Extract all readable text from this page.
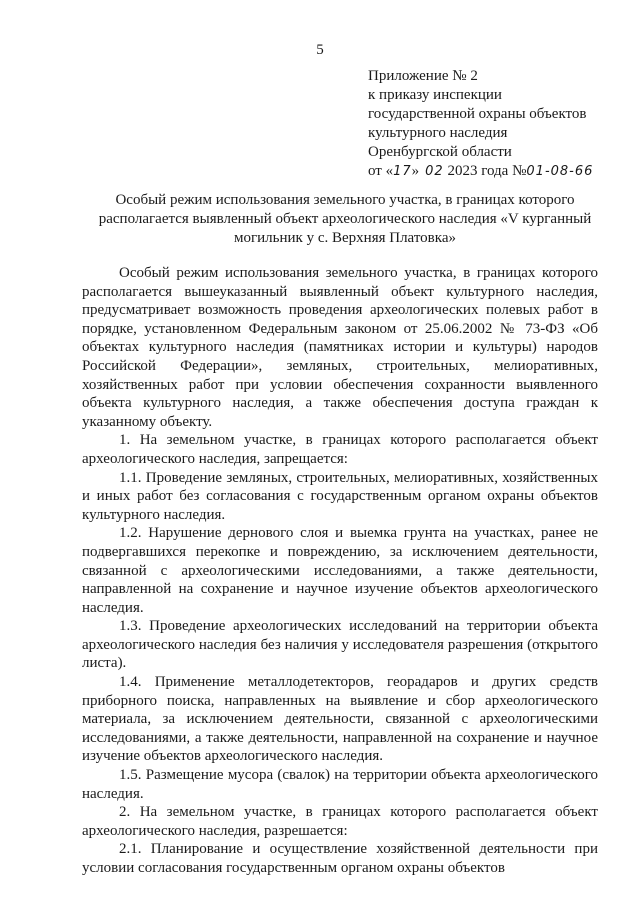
5
Приложение № 2
к приказу инспекции
государственной охраны объектов
культурного наследия
Оренбургской области
от «17»02 2023 года №01-08-66
Особый режим использования земельного участка, в границах которого располагается выявленный объект археологического наследия «V курганный могильник у с. Верхняя Платовка»

Особый режим использования земельного участка, в границах которого располагается вышеуказанный выявленный объект культурного наследия, предусматривает возможность проведения археологических полевых работ в порядке, установленном Федеральным законом от 25.06.2002 № 73-ФЗ «Об объектах культурного наследия (памятниках истории и культуры) народов Российской Федерации», земляных, строительных, мелиоративных, хозяйственных работ при условии обеспечения сохранности выявленного объекта культурного наследия, а также обеспечения доступа граждан к указанному объекту.

1. На земельном участке, в границах которого располагается объект археологического наследия, запрещается:

1.1. Проведение земляных, строительных, мелиоративных, хозяйственных и иных работ без согласования с государственным органом охраны объектов культурного наследия.

1.2. Нарушение дернового слоя и выемка грунта на участках, ранее не подвергавшихся перекопке и повреждению, за исключением деятельности, связанной с археологическими исследованиями, а также деятельности, направленной на сохранение и научное изучение объектов археологического наследия.

1.3. Проведение археологических исследований на территории объекта археологического наследия без наличия у исследователя разрешения (открытого листа).

1.4. Применение металлодетекторов, георадаров и других средств приборного поиска, направленных на выявление и сбор археологического материала, за исключением деятельности, связанной с археологическими исследованиями, а также деятельности, направленной на сохранение и научное изучение объектов археологического наследия.

1.5. Размещение мусора (свалок) на территории объекта археологического наследия.

2. На земельном участке, в границах которого располагается объект археологического наследия, разрешается:

2.1. Планирование и осуществление хозяйственной деятельности при условии согласования государственным органом охраны объектов
